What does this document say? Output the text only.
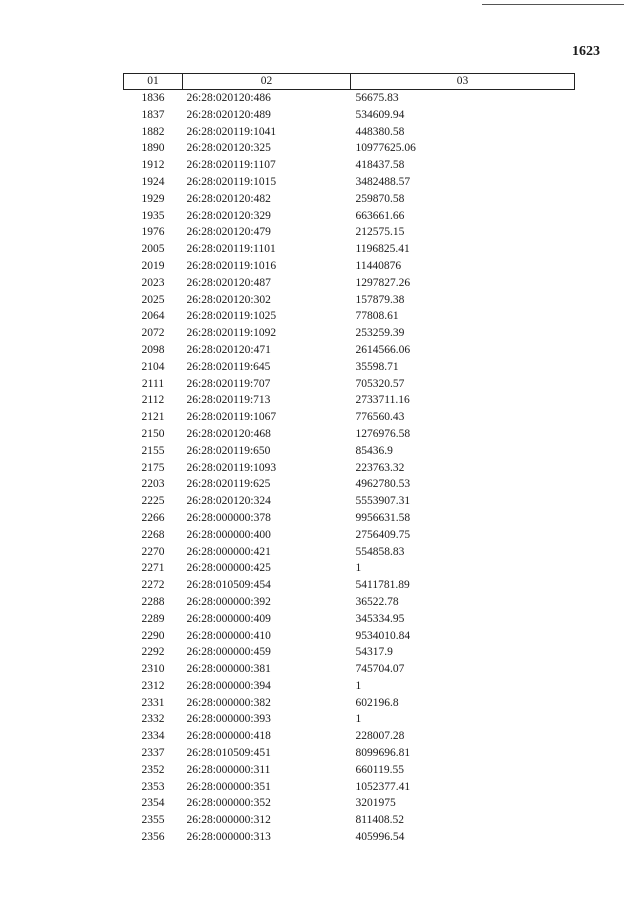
1623
01	02	03
1836	26:28:020120:486	56675.83
1837	26:28:020120:489	534609.94
1882	26:28:020119:1041	448380.58
1890	26:28:020120:325	10977625.06
1912	26:28:020119:1107	418437.58
1924	26:28:020119:1015	3482488.57
1929	26:28:020120:482	259870.58
1935	26:28:020120:329	663661.66
1976	26:28:020120:479	212575.15
2005	26:28:020119:1101	1196825.41
2019	26:28:020119:1016	11440876
2023	26:28:020120:487	1297827.26
2025	26:28:020120:302	157879.38
2064	26:28:020119:1025	77808.61
2072	26:28:020119:1092	253259.39
2098	26:28:020120:471	2614566.06
2104	26:28:020119:645	35598.71
2111	26:28:020119:707	705320.57
2112	26:28:020119:713	2733711.16
2121	26:28:020119:1067	776560.43
2150	26:28:020120:468	1276976.58
2155	26:28:020119:650	85436.9
2175	26:28:020119:1093	223763.32
2203	26:28:020119:625	4962780.53
2225	26:28:020120:324	5553907.31
2266	26:28:000000:378	9956631.58
2268	26:28:000000:400	2756409.75
2270	26:28:000000:421	554858.83
2271	26:28:000000:425	1
2272	26:28:010509:454	5411781.89
2288	26:28:000000:392	36522.78
2289	26:28:000000:409	345334.95
2290	26:28:000000:410	9534010.84
2292	26:28:000000:459	54317.9
2310	26:28:000000:381	745704.07
2312	26:28:000000:394	1
2331	26:28:000000:382	602196.8
2332	26:28:000000:393	1
2334	26:28:000000:418	228007.28
2337	26:28:010509:451	8099696.81
2352	26:28:000000:311	660119.55
2353	26:28:000000:351	1052377.41
2354	26:28:000000:352	3201975
2355	26:28:000000:312	811408.52
2356	26:28:000000:313	405996.54
